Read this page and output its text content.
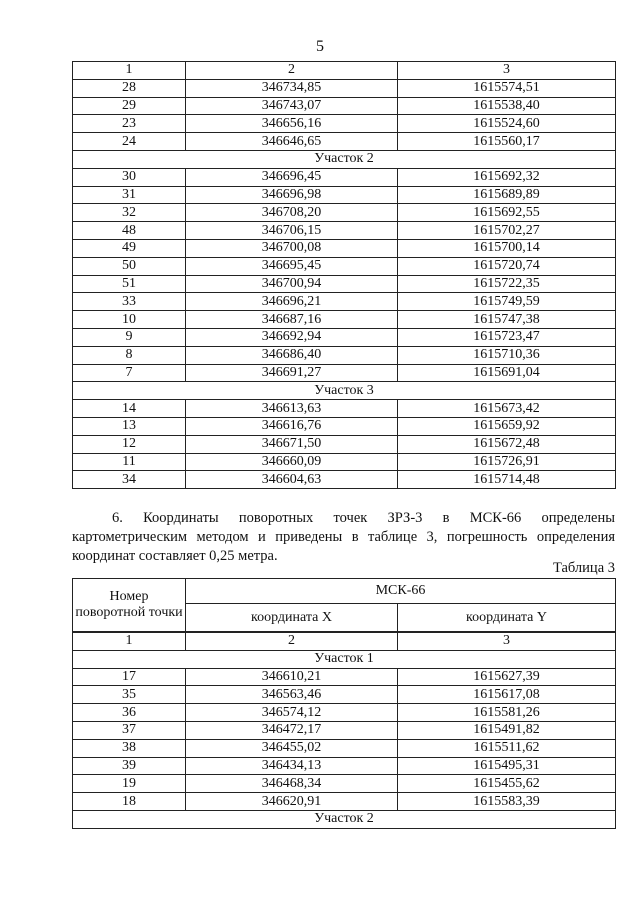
5
1	2	3
28	346734,85	1615574,51
29	346743,07	1615538,40
23	346656,16	1615524,60
24	346646,65	1615560,17
Участок 2		
30	346696,45	1615692,32
31	346696,98	1615689,89
32	346708,20	1615692,55
48	346706,15	1615702,27
49	346700,08	1615700,14
50	346695,45	1615720,74
51	346700,94	1615722,35
33	346696,21	1615749,59
10	346687,16	1615747,38
9	346692,94	1615723,47
8	346686,40	1615710,36
7	346691,27	1615691,04
Участок 3		
14	346613,63	1615673,42
13	346616,76	1615659,92
12	346671,50	1615672,48
11	346660,09	1615726,91
34	346604,63	1615714,48
6. Координаты поворотных точек ЗРЗ-3 в МСК-66 определены картометрическим методом и приведены в таблице 3, погрешность определения координат составляет 0,25 метра.
Таблица 3
Номер поворотной точки	МСК-66	
	координата X	координата Y
1	2	3
Участок 1		
17	346610,21	1615627,39
35	346563,46	1615617,08
36	346574,12	1615581,26
37	346472,17	1615491,82
38	346455,02	1615511,62
39	346434,13	1615495,31
19	346468,34	1615455,62
18	346620,91	1615583,39
Участок 2		
